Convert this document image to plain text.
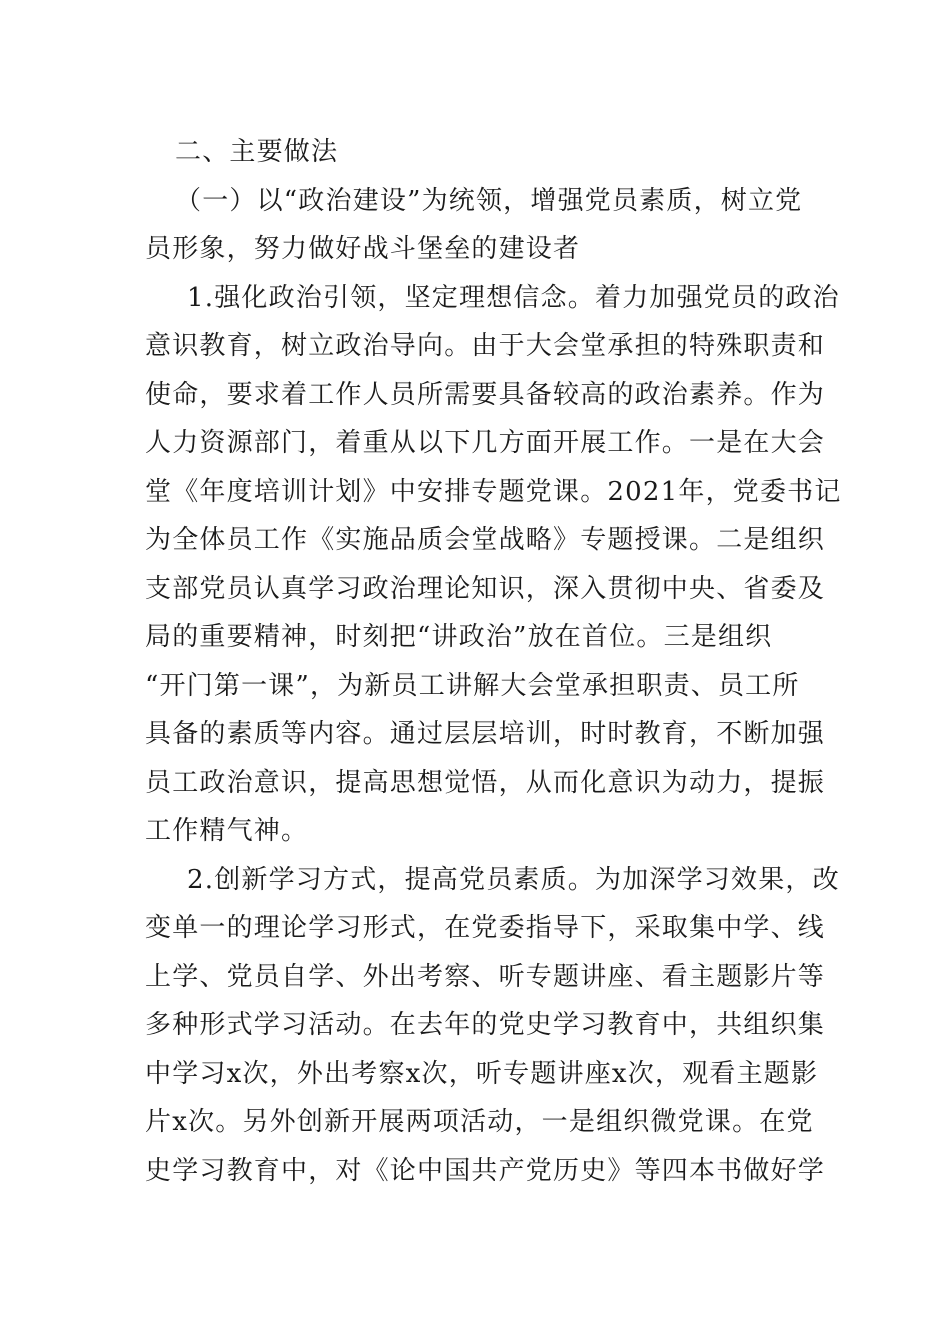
二、主要做法
（一）以“政治建设”为统领，增强党员素质，树立党
员形象，努力做好战斗堡垒的建设者
1.强化政治引领，坚定理想信念。着力加强党员的政治
意识教育，树立政治导向。由于大会堂承担的特殊职责和
使命，要求着工作人员所需要具备较高的政治素养。作为
人力资源部门，着重从以下几方面开展工作。一是在大会
堂《年度培训计划》中安排专题党课。2021年，党委书记
为全体员工作《实施品质会堂战略》专题授课。二是组织
支部党员认真学习政治理论知识，深入贯彻中央、省委及
局的重要精神，时刻把“讲政治”放在首位。三是组织
“开门第一课”，为新员工讲解大会堂承担职责、员工所
具备的素质等内容。通过层层培训，时时教育，不断加强
员工政治意识，提高思想觉悟，从而化意识为动力，提振
工作精气神。
2.创新学习方式，提高党员素质。为加深学习效果，改
变单一的理论学习形式，在党委指导下，采取集中学、线
上学、党员自学、外出考察、听专题讲座、看主题影片等
多种形式学习活动。在去年的党史学习教育中，共组织集
中学习x次，外出考察x次，听专题讲座x次，观看主题影
片x次。另外创新开展两项活动，一是组织微党课。在党
史学习教育中，对《论中国共产党历史》等四本书做好学
